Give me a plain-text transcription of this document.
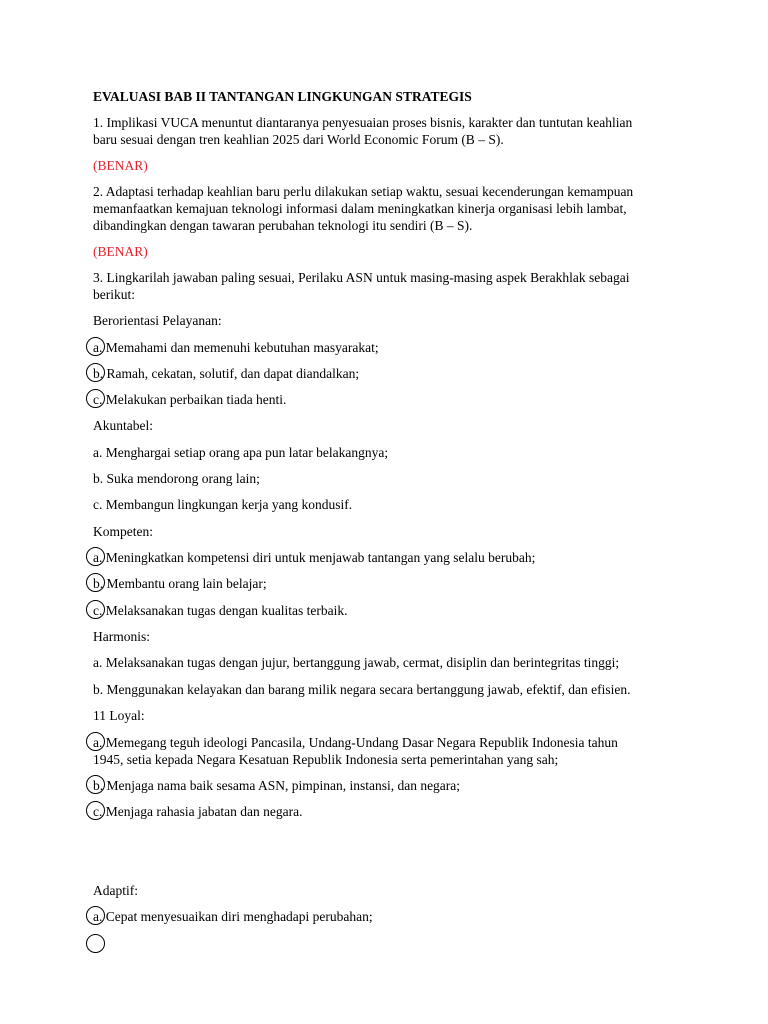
EVALUASI BAB II TANTANGAN LINGKUNGAN STRATEGIS
1. Implikasi VUCA menuntut diantaranya penyesuaian proses bisnis, karakter dan tuntutan keahlian
baru sesuai dengan tren keahlian 2025 dari World Economic Forum (B – S).
(BENAR)
2. Adaptasi terhadap keahlian baru perlu dilakukan setiap waktu, sesuai kecenderungan kemampuan
memanfaatkan kemajuan teknologi informasi dalam meningkatkan kinerja organisasi lebih lambat,
dibandingkan dengan tawaran perubahan teknologi itu sendiri (B – S).
(BENAR)
3. Lingkarilah jawaban paling sesuai, Perilaku ASN untuk masing-masing aspek Berakhlak sebagai
berikut:
Berorientasi Pelayanan:
a. Memahami dan memenuhi kebutuhan masyarakat;
b. Ramah, cekatan, solutif, dan dapat diandalkan;
c. Melakukan perbaikan tiada henti.
Akuntabel:
a. Menghargai setiap orang apa pun latar belakangnya;
b. Suka mendorong orang lain;
c. Membangun lingkungan kerja yang kondusif.
Kompeten:
a. Meningkatkan kompetensi diri untuk menjawab tantangan yang selalu berubah;
b. Membantu orang lain belajar;
c. Melaksanakan tugas dengan kualitas terbaik.
Harmonis:
a. Melaksanakan tugas dengan jujur, bertanggung jawab, cermat, disiplin dan berintegritas tinggi;
b. Menggunakan kelayakan dan barang milik negara secara bertanggung jawab, efektif, dan efisien.
11 Loyal:
a. Memegang teguh ideologi Pancasila, Undang-Undang Dasar Negara Republik Indonesia tahun
1945, setia kepada Negara Kesatuan Republik Indonesia serta pemerintahan yang sah;
b. Menjaga nama baik sesama ASN, pimpinan, instansi, dan negara;
c. Menjaga rahasia jabatan dan negara.
Adaptif:
a. Cepat menyesuaikan diri menghadapi perubahan;
